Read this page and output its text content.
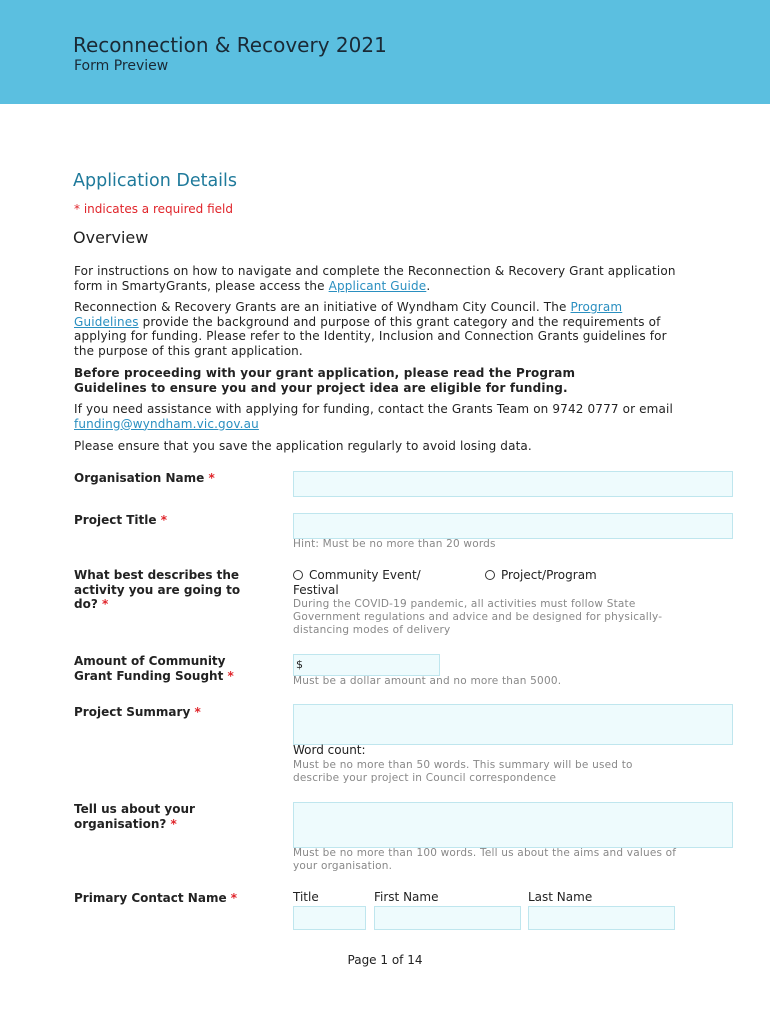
Reconnection & Recovery 2021
Form Preview
Application Details
* indicates a required field
Overview
For instructions on how to navigate and complete the Reconnection & Recovery Grant application form in SmartyGrants, please access the Applicant Guide.
Reconnection & Recovery Grants are an initiative of Wyndham City Council. The Program Guidelines provide the background and purpose of this grant category and the requirements of applying for funding. Please refer to the Identity, Inclusion and Connection Grants guidelines for the purpose of this grant application.
Before proceeding with your grant application, please read the Program Guidelines to ensure you and your project idea are eligible for funding.
If you need assistance with applying for funding, contact the Grants Team on 9742 0777 or email funding@wyndham.vic.gov.au
Please ensure that you save the application regularly to avoid losing data.
Organisation Name *
Project Title *
Hint: Must be no more than 20 words
What best describes the activity you are going to do? *
Community Event/ Festival
Project/Program
During the COVID-19 pandemic, all activities must follow State Government regulations and advice and be designed for physically-distancing modes of delivery
Amount of Community Grant Funding Sought *
$
Must be a dollar amount and no more than 5000.
Project Summary *
Word count:
Must be no more than 50 words. This summary will be used to describe your project in Council correspondence
Tell us about your organisation? *
Must be no more than 100 words. Tell us about the aims and values of your organisation.
Primary Contact Name *	Title	First Name	Last Name
Page 1 of 14
